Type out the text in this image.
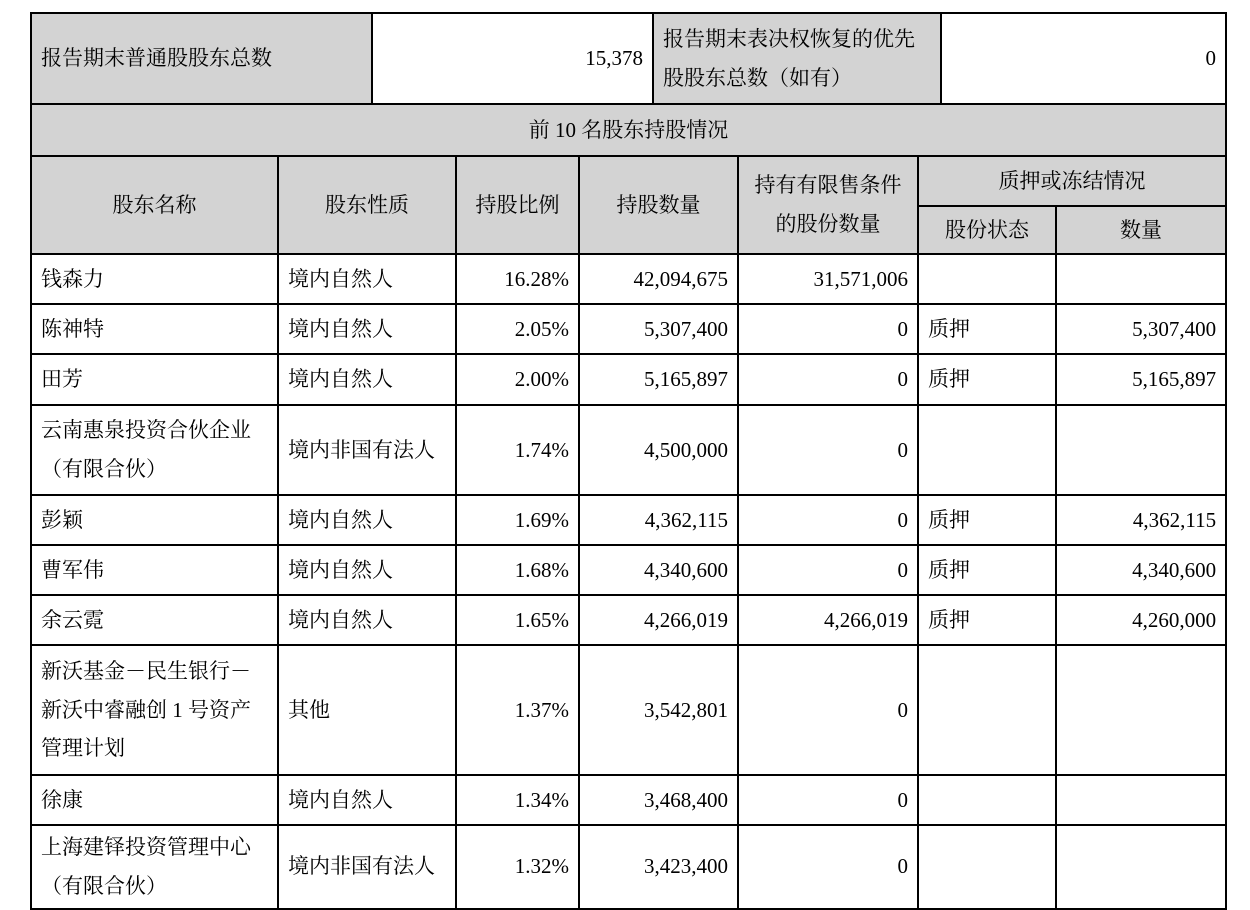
报告期末普通股股东总数	15,378	报告期末表决权恢复的优先股股东总数（如有）	0
前 10 名股东持股情况						
股东名称	股东性质	持股比例	持股数量	持有有限售条件的股份数量	质押或冻结情况	
					股份状态	数量
钱森力	境内自然人	16.28%	42,094,675	31,571,006		
陈神特	境内自然人	2.05%	5,307,400	0	质押	5,307,400
田芳	境内自然人	2.00%	5,165,897	0	质押	5,165,897
云南惠泉投资合伙企业（有限合伙）	境内非国有法人	1.74%	4,500,000	0		
彭颖	境内自然人	1.69%	4,362,115	0	质押	4,362,115
曹军伟	境内自然人	1.68%	4,340,600	0	质押	4,340,600
余云霓	境内自然人	1.65%	4,266,019	4,266,019	质押	4,260,000
新沃基金－民生银行－新沃中睿融创 1 号资产管理计划	其他	1.37%	3,542,801	0		
徐康	境内自然人	1.34%	3,468,400	0		
上海建铎投资管理中心（有限合伙）	境内非国有法人	1.32%	3,423,400	0		
